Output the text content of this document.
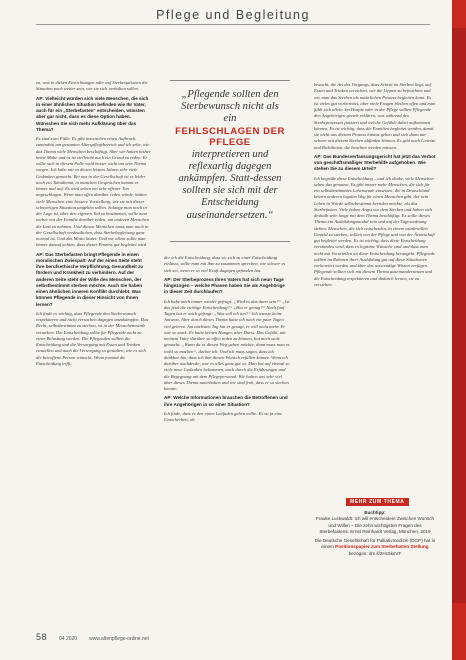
Pflege und Begleitung

zu, was in diesen Einrichtungen oder auf Sterbestationen die Situation noch weiter sein, wie sie sich verhalten sollen.

AP: Vielleicht würden sich viele Menschen, die sich in einer ähnlichen Situation befinden wie Ihr Vater, auch für ein „Sterbefasten“ entscheiden, wüssten aber gar nicht, dass es diese Option haben. Wünschen Sie sich mehr Aufklärung über das Thema?

Es sind zwei Fälle. Es gibt inzwischen einen Aufbruch, zumindest am gesamten Alterspflegebereich und ich sehe, wie das Thema viele Menschen beschäftigt. Aber wir hatten bisher keine Mühe und es ist vielleicht auch ein Grund zu reden. Er sollte sich in diesem Falle wohl besser nicht um sein Thema sorgen. Ich habe mir in diesen letzten Jahren sehr viele Gedanken gemacht. Bei uns in der Gesellschaft ist es leider noch ein Tabuthema, in manchen Gesprächen kommt es immer mal auf. Es wird selten ein sehr offener Ton angeschlagen. Wenn man offen darüber reden würde, hätten viele Menschen eine bessere Vorstellung, wie sie mit dieser schwierigen Situation umgehen sollen. Solange man noch in der Lage ist, über den eigenen Tod zu bestimmen, sollte man vorher mit der Familie darüber reden, um anderen Menschen die Last zu nehmen. Und diesen Menschen muss man auch in der Gesellschaft verdeutlichen, dass Sterbebegleitung ganz normal ist. Und das Motto lautet: Und vor allem sollte man immer darauf achten, dass dieser Prozess gut begleitet wird.

AP: Das Sterbefasten bringt Pflegende in einen moralischen Zwiespalt: Auf der einen Seite steht ihre berufsethische Verpflichtung, Gesundheit zu fördern und Krankheit zu verhindern. Auf der anderen Seite steht der Wille des Menschen, der selbstbestimmt sterben möchte. Auch Sie haben einen ähnlichen inneren Konflikt durchlebt. Was können Pflegende in dieser Hinsicht von Ihnen lernen?

Ich finde es wichtig, dass Pflegende den Sterbewunsch respektieren und nicht versuchen dagegen anzukämpfen. Das Recht, selbstbestimmt zu sterben, ist in der Menschenwürde verankert. Die Entscheidung sollte für Pflegende nicht zu einer Belastung werden. Die Pflegenden sollten die Entscheidung und die Versorgung mit Essen und Trinken einstellen und auch die Versorgung so gestalten, wie es sich die betroffene Person wünscht. Wenn jemand die Entscheidung trifft,

„Pflegende sollten den Sterbewunsch nicht als ein
FEHLSCHLAGEN DER PFLEGE
interpretieren und reflexartig dagegen ankämpfen. Statt-dessen sollten sie sich mit der Entscheidung auseinandersetzen.“

der ich die Entscheidung, dass sie sich zu einer Entscheidung einlässt, sollte man mit ihm zu zusammen sprechen, wie schwer es sich sei, wenn er so viel Kraft dagegen gefunden hat.

AP: Der Sterbeprozess Ihres Vaters hat sich neun Tage hingezogen – welche Phasen haben Sie als Angehörige in dieser Zeit durchlaufen?

Ich habe mich immer wieder gefragt: „Wird es das dann sein?“ „Ist das jetzt die richtige Entscheidung?“ „Hat er genug?“ Nach fünf Tagen hat er mich gefragt: „Was soll ich tun?“ Ich wusste keine Antwort. Aber durch dieses Thema hatte ich nach ein paar Tagen viel gelernt. Am nächsten Tag hat er gesagt, er will nicht mehr. Er war so stark. Er hatte keinen Hunger, aber Durst. Das Gefühl, mit meinem Vater darüber so offen reden zu können, hat mich stolz gemacht. „Wann da es diesen Weg gehen möchte, dann muss man es wohl so machen“, dachte ich. Und ich muss sagen, dass ich dankbar bin, dass ich ihm diesen Wunsch erfüllen konnte. Wenn ich darüber nachdenke, war es alles ganz gut so. Man hat auf einmal so viele neue Gedanken bekommen, auch durch die Erfahrungen und die Begegnung mit dem Pflegepersonal. Wir haben uns sehr viel über dieses Thema unterhalten und wir sind froh, dass er so sterben konnte.

AP: Welche Informationen brauchen die Betroffenen und ihre Angehörigen in so einer Situation?

Ich finde, dass es den einen Leitfaden geben sollte. Es ist ja eine Unsicherheit, ob

braucht, die Art des Vorgangs, dass Schritt im Sterben liegt, auf Essen und Trinken verzichtet, wie die Lippen zu befeuchten und wie man das Sterben als natürlichen Prozess begleiten kann. Es ist vieles gut vorbereitet, aber viele Fragen bleiben offen und man fühlt sich allein. Im Hospiz oder in der Pflege sollten Pflegende den Angehörigen gezielt erklären, was während des Sterbeprozesses passiert und welche Gefühle dabei aufkommen können. Es ist wichtig, dass die Familien begleitet werden, damit sie nicht aus diesem Prozess hinaus gehen und sich dann nur schwer mit diesem Sterben abfinden können. Es gibt auch Gesetze und Richtlinien, die beachtet werden müssen.

AP: Das Bundesverfassungsgericht hat jetzt das Verbot von geschäftsmäßiger Sterbehilfe aufgehoben. Wie stehen Sie zu diesem Urteil?

Ich begrüße diese Entscheidung – und ich denke, viele Menschen sehen das genauso. Es gibt immer mehr Menschen, die sich für ein selbstbestimmtes Lebensende einsetzen, die in Deutschland keinen anderen legalen Weg für einen Menschen gibt, der sein Leben in Würde selbstbestimmt beenden möchte, als das Sterbefasten. Viele haben Angst vor dem Sterben und haben sich deshalb sehr lange mit dem Thema beschäftigt. Es sollte dieses Thema ein Ausbildungsmodul sein und auf der Tagesordnung stehen. Menschen, die sich entscheiden, in einem würdevollen Umfeld zu sterben, sollten von der Pflege und von der Ärzteschaft gut begleitet werden. Es ist wichtig, dass diese Entscheidung verstanden wird, dass es legitime Wünsche sind und dass man nicht mit Vorurteilen an diese Entscheidung herangeht. Pflegende sollten im Rahmen ihrer Ausbildung gut auf diese Situationen vorbereitet werden und über das notwendige Wissen verfügen. Pflegende sollten sich mit diesem Thema auseinandersetzen und die Entscheidung respektieren und dadurch lernen, sie zu verstehen.

MEHR ZUM THEMA
Buchtipp:
Frauke Luckwaldt: Ich will entscheiden! Zwischen Wunsch und Willen – Die zehn wichtigsten Fragen des Sterbefastens. Ernst Reinhardt Verlag, München, 2019
Die Deutsche Gesellschaft für Palliativmedizin (DGP) hat in einem Positionspapier zum Sterbefasten Stellung bezogen: dm.ll/2Hc6keVF
58 04 2020 www.altenpflege-online.net
